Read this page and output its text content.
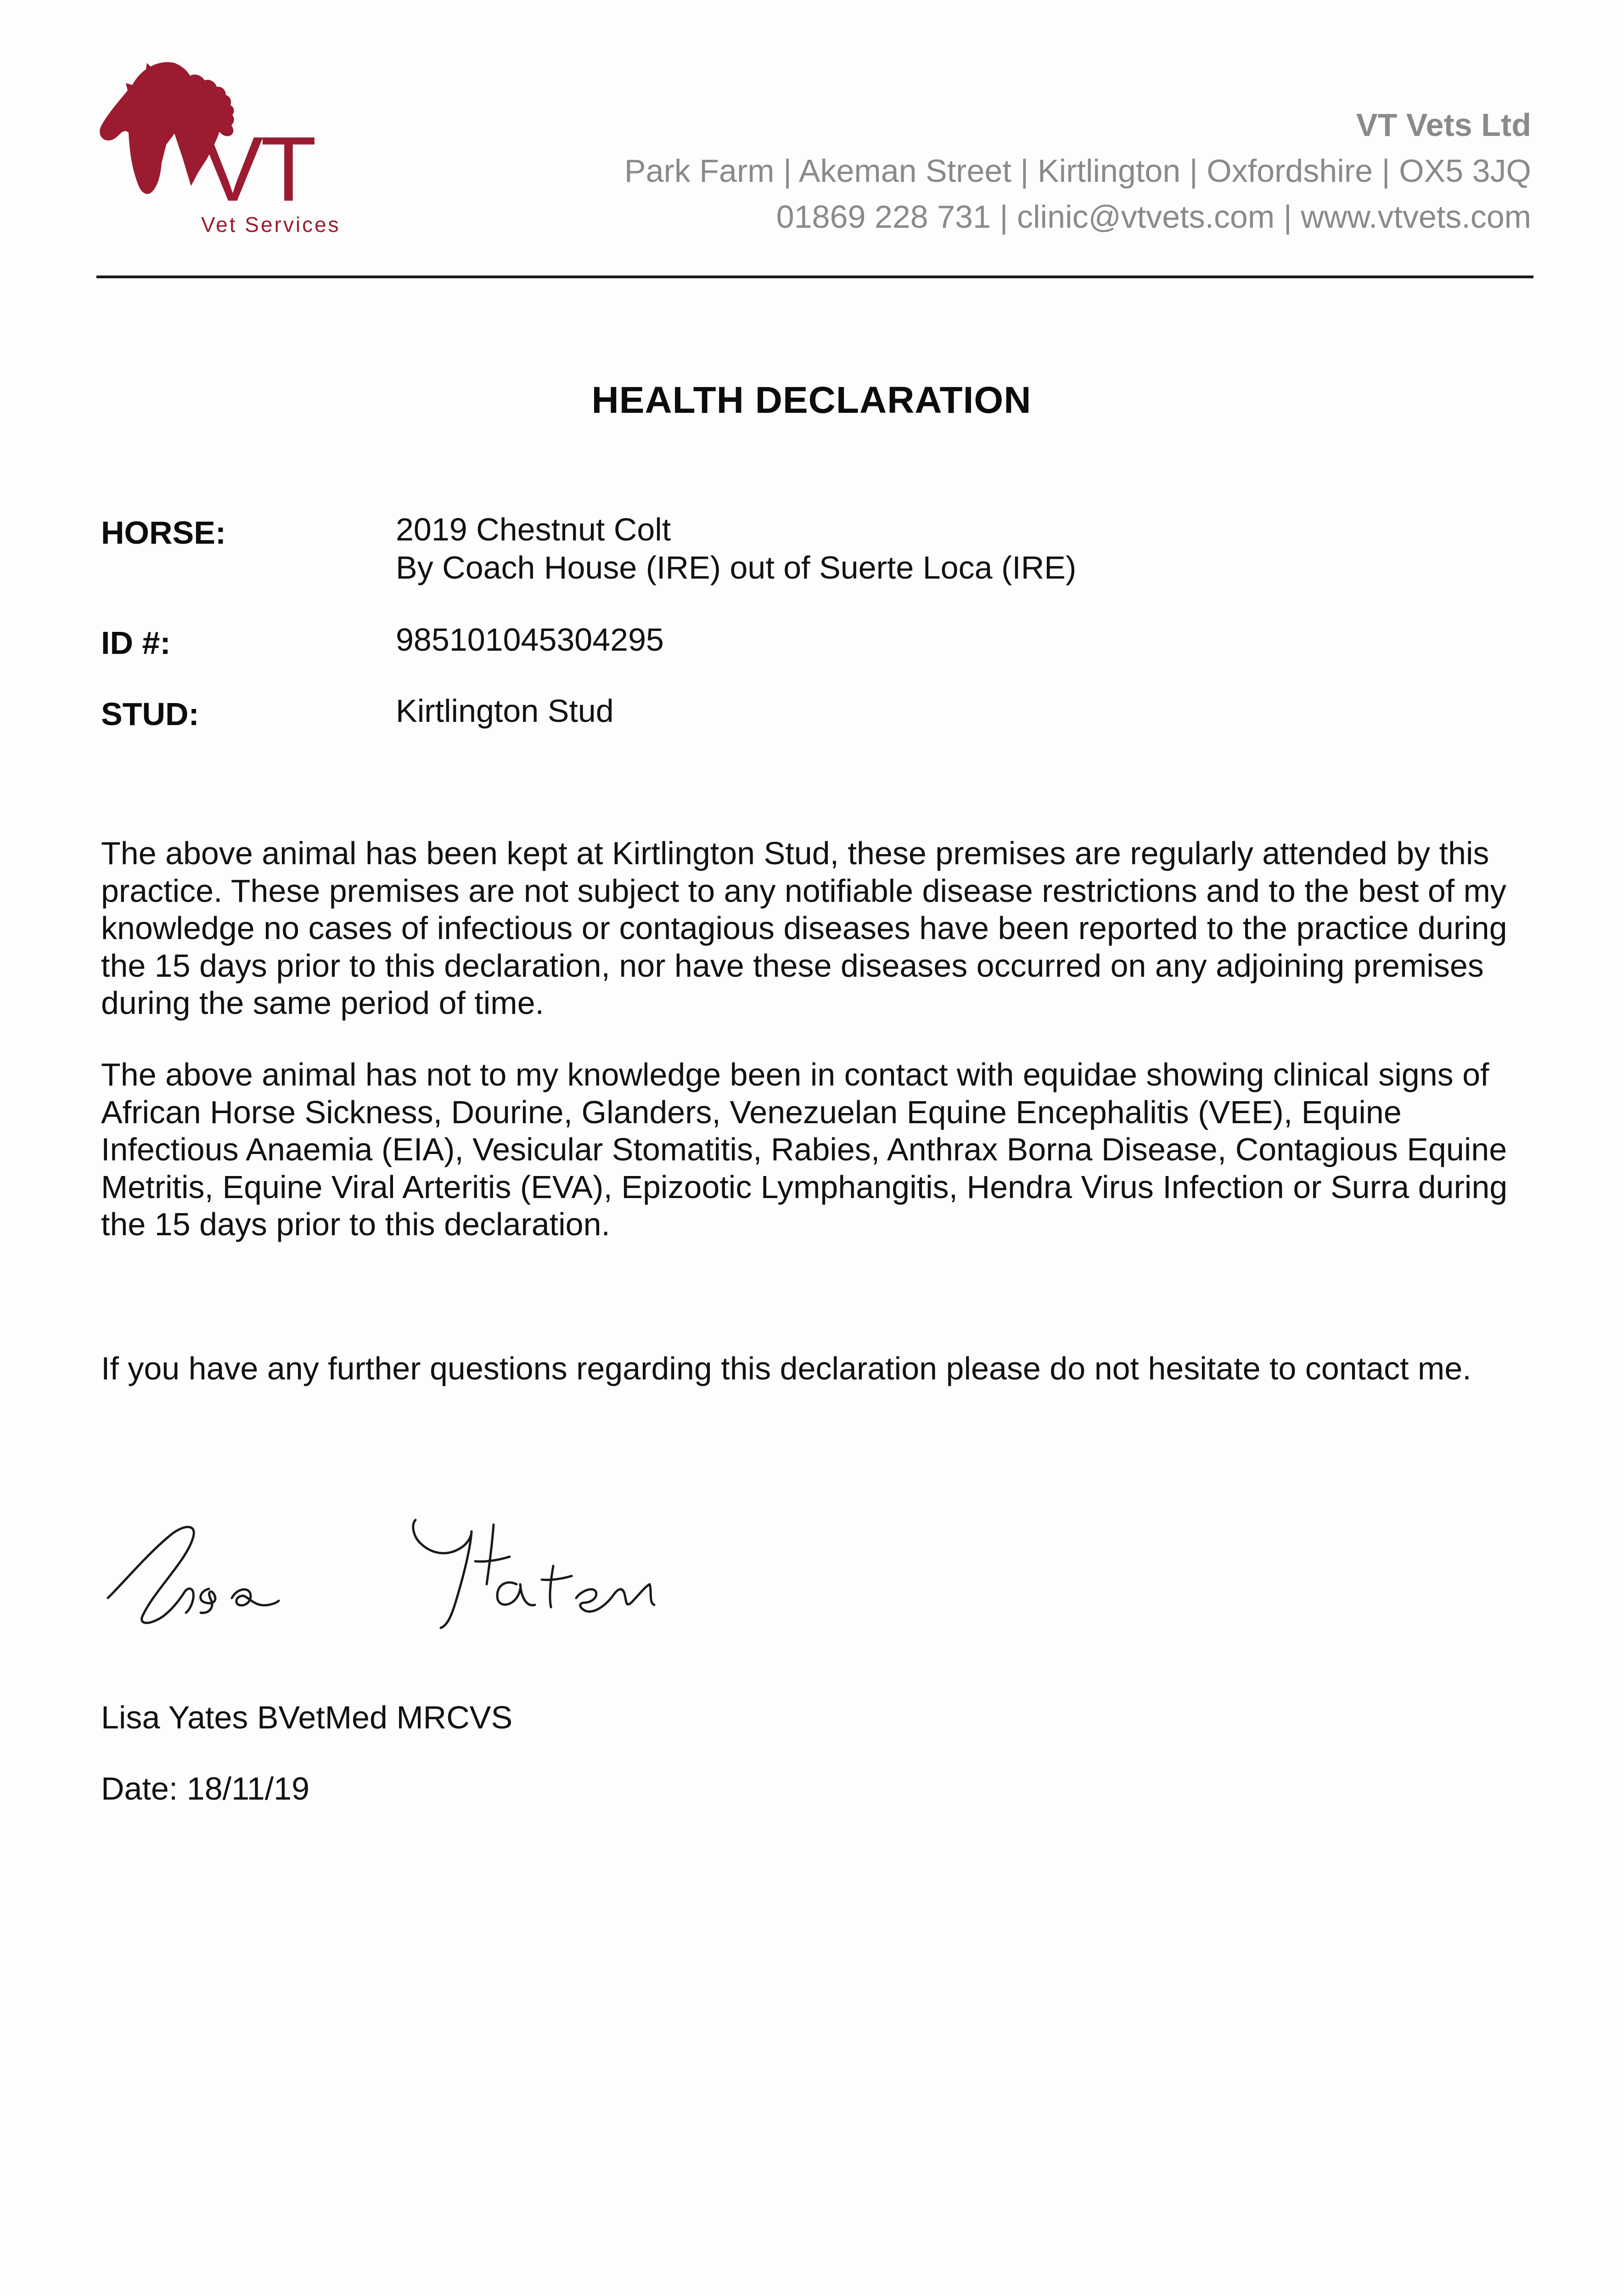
VT
Vet Services
VT Vets Ltd
Park Farm | Akeman Street | Kirtlington | Oxfordshire | OX5 3JQ
01869 228 731 | clinic@vtvets.com | www.vtvets.com
HEALTH DECLARATION
HORSE:	2019 Chestnut Colt
By Coach House (IRE) out of Suerte Loca (IRE)
ID #:	985101045304295
STUD:	Kirtlington Stud

The above animal has been kept at Kirtlington Stud, these premises are regularly attended by this practice. These premises are not subject to any notifiable disease restrictions and to the best of my knowledge no cases of infectious or contagious diseases have been reported to the practice during the 15 days prior to this declaration, nor have these diseases occurred on any adjoining premises during the same period of time.

The above animal has not to my knowledge been in contact with equidae showing clinical signs of African Horse Sickness, Dourine, Glanders, Venezuelan Equine Encephalitis (VEE), Equine Infectious Anaemia (EIA), Vesicular Stomatitis, Rabies, Anthrax Borna Disease, Contagious Equine Metritis, Equine Viral Arteritis (EVA), Epizootic Lymphangitis, Hendra Virus Infection or Surra during the 15 days prior to this declaration.

If you have any further questions regarding this declaration please do not hesitate to contact me.

Lisa Yates BVetMed MRCVS
Date: 18/11/19
